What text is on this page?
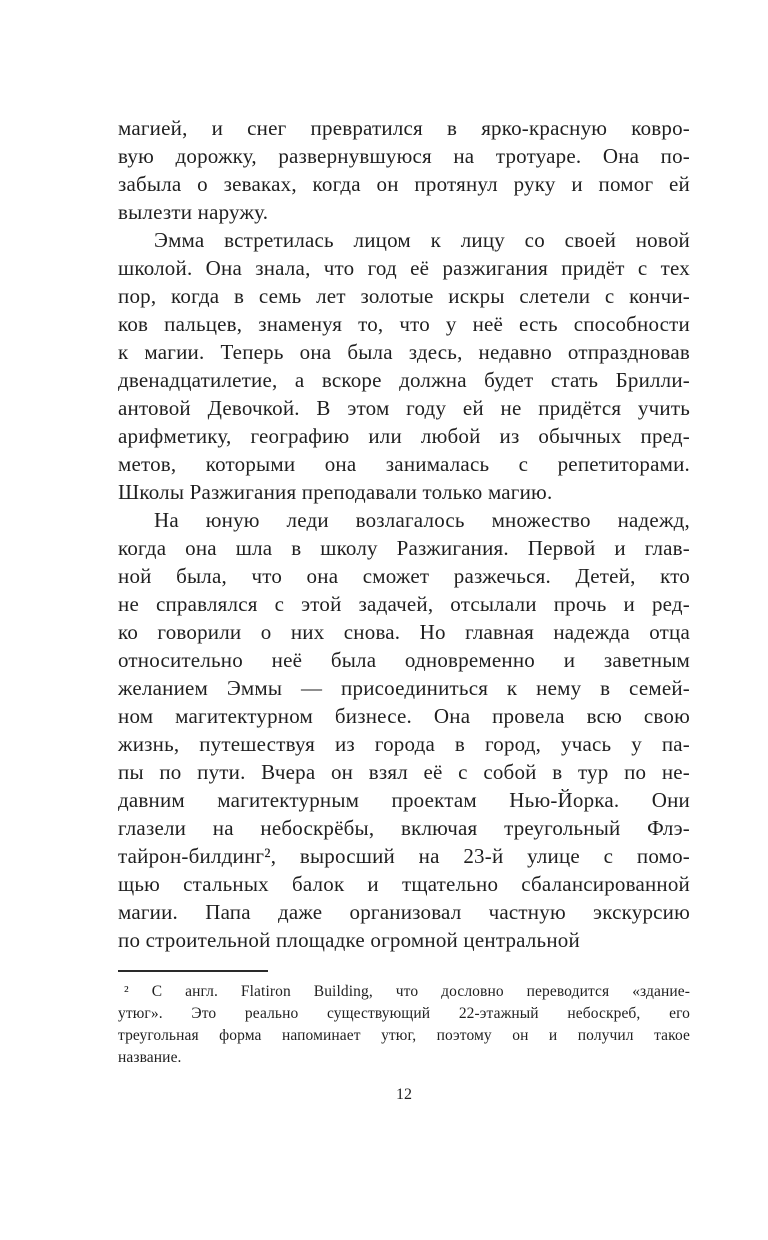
магией, и снег превратился в ярко-красную ковро-
вую дорожку, развернувшуюся на тротуаре. Она по-
забыла о зеваках, когда он протянул руку и помог ей
вылезти наружу.

Эмма встретилась лицом к лицу со своей новой
школой. Она знала, что год её разжигания придёт с тех
пор, когда в семь лет золотые искры слетели с кончи-
ков пальцев, знаменуя то, что у неё есть способности
к магии. Теперь она была здесь, недавно отпраздновав
двенадцатилетие, а вскоре должна будет стать Брилли-
антовой Девочкой. В этом году ей не придётся учить
арифметику, географию или любой из обычных пред-
метов, которыми она занималась с репетиторами.
Школы Разжигания преподавали только магию.

На юную леди возлагалось множество надежд,
когда она шла в школу Разжигания. Первой и глав-
ной была, что она сможет разжечься. Детей, кто
не справлялся с этой задачей, отсылали прочь и ред-
ко говорили о них снова. Но главная надежда отца
относительно неё была одновременно и заветным
желанием Эммы — присоединиться к нему в семей-
ном магитектурном бизнесе. Она провела всю свою
жизнь, путешествуя из города в город, учась у па-
пы по пути. Вчера он взял её с собой в тур по не-
давним магитектурным проектам Нью-Йорка. Они
глазели на небоскрёбы, включая треугольный Флэ-
тайрон-билдинг², выросший на 23-й улице с помо-
щью стальных балок и тщательно сбалансированной
магии. Папа даже организовал частную экскурсию
по строительной площадке огромной центральной

² С англ. Flatiron Building, что дословно переводится «здание-
утюг». Это реально существующий 22-этажный небоскреб, его
треугольная форма напоминает утюг, поэтому он и получил такое
название.
12
